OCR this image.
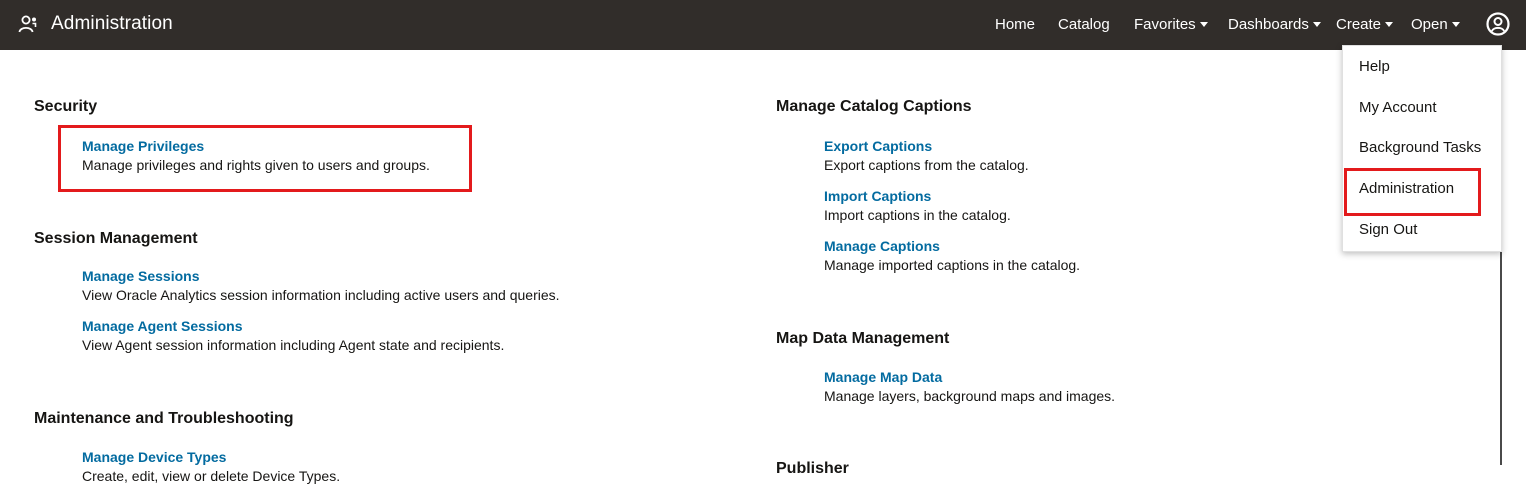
Administration	Home Catalog Favorites	Dashboards	Create	Open
Security
Manage Privileges
Manage privileges and rights given to users and groups.
Session Management
Manage Sessions
View Oracle Analytics session information including active users and queries.
Manage Agent Sessions
View Agent session information including Agent state and recipients.
Maintenance and Troubleshooting
Manage Device Types
Create, edit, view or delete Device Types.
Manage Catalog Captions
Export Captions
Export captions from the catalog.
Import Captions
Import captions in the catalog.
Manage Captions
Manage imported captions in the catalog.
Map Data Management
Manage Map Data
Manage layers, background maps and images.
Publisher
Help
My Account
Background Tasks
Administration
Sign Out
